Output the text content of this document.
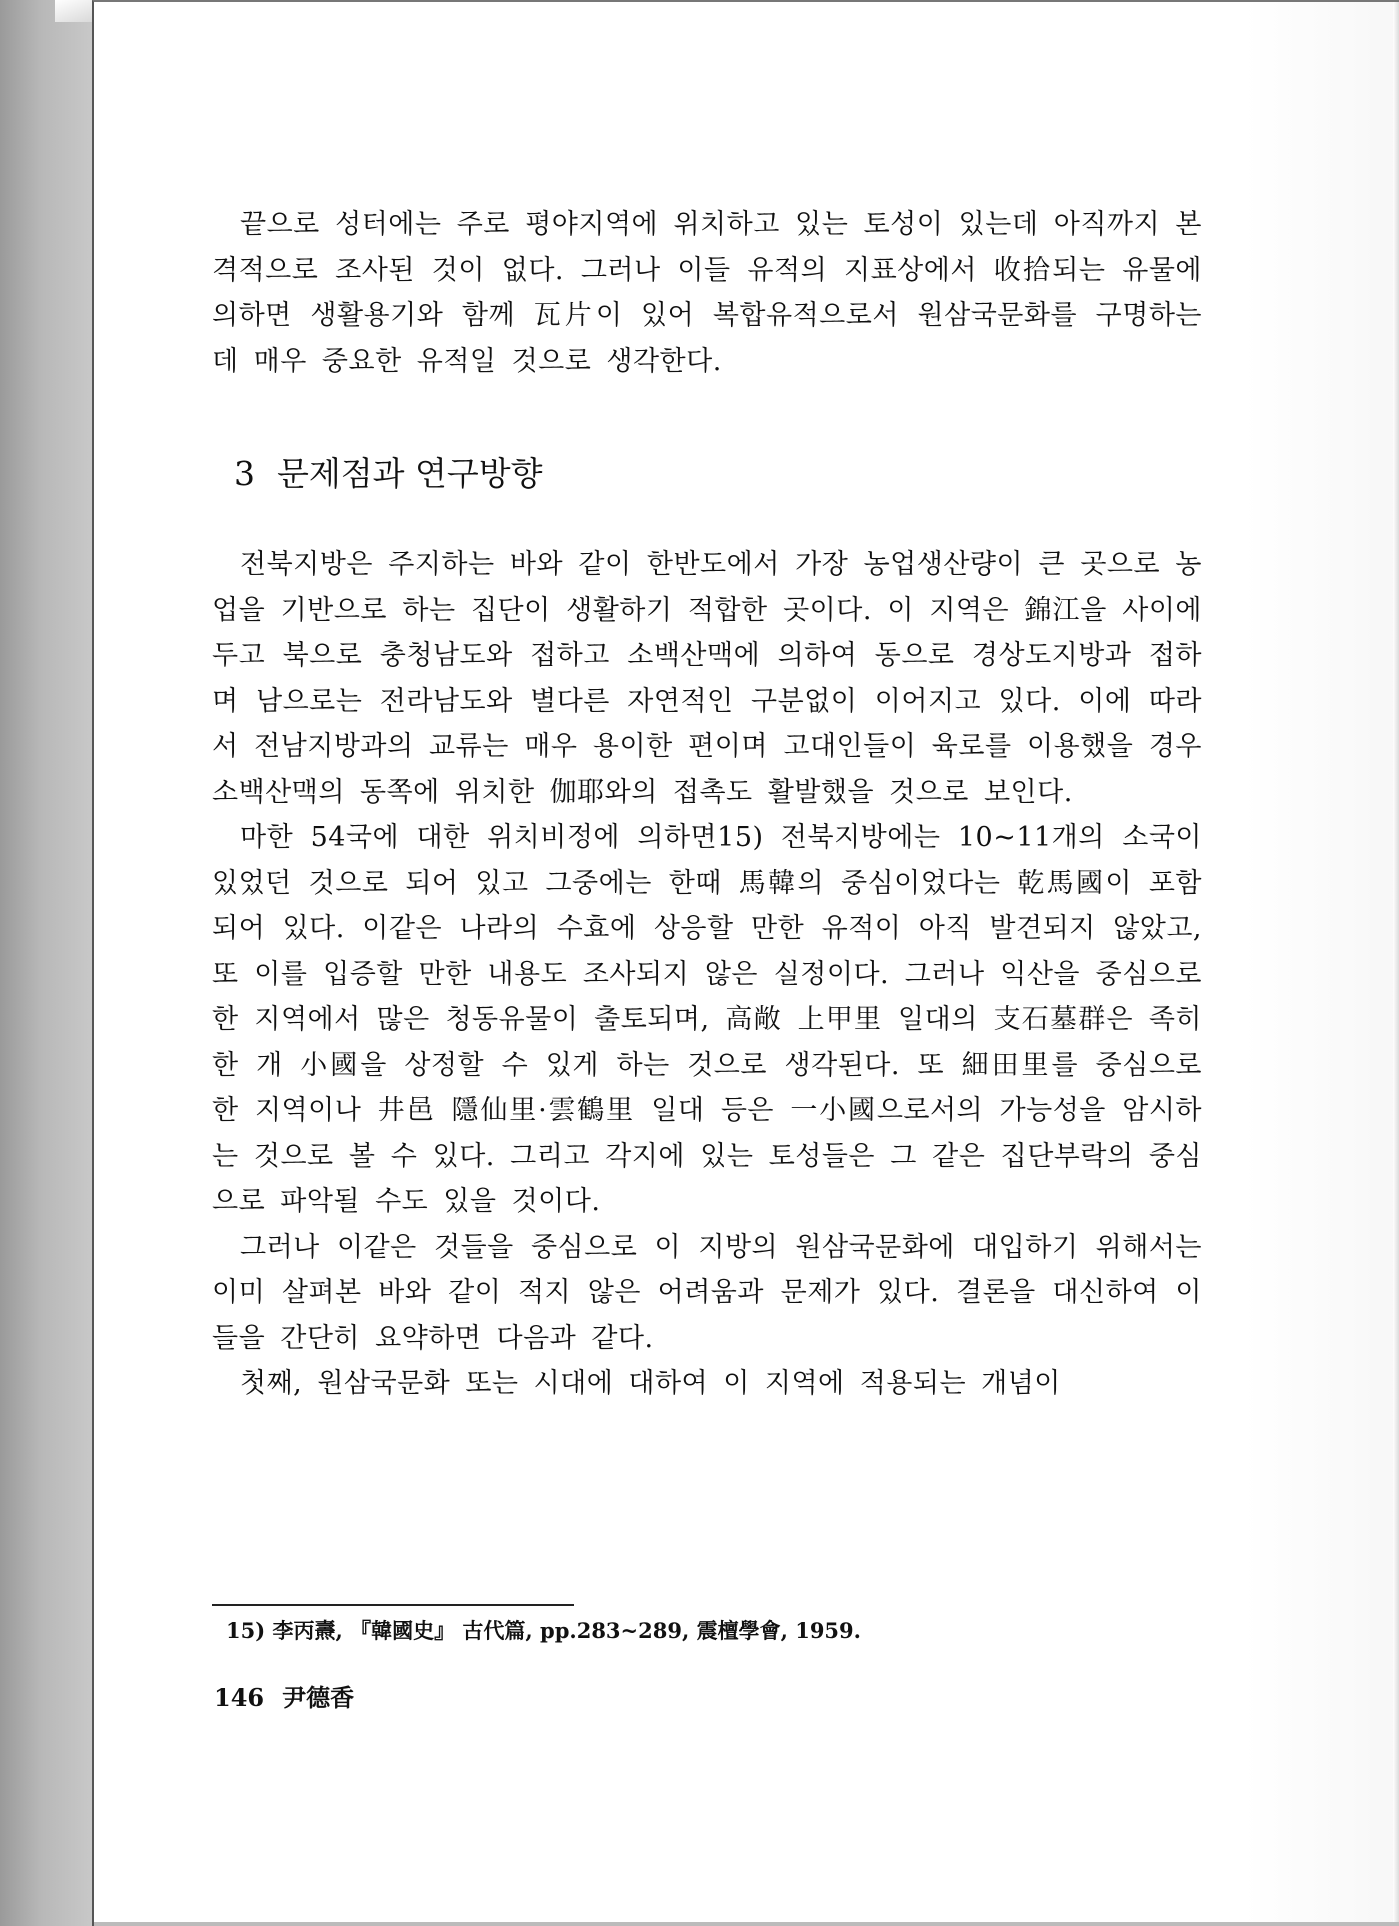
끝으로 성터에는 주로 평야지역에 위치하고 있는 토성이 있는데 아직까지 본격적으로 조사된 것이 없다. 그러나 이들 유적의 지표상에서 收拾되는 유물에 의하면 생활용기와 함께 瓦片이 있어 복합유적으로서 원삼국문화를 구명하는 데 매우 중요한 유적일 것으로 생각한다.

3 문제점과 연구방향

전북지방은 주지하는 바와 같이 한반도에서 가장 농업생산량이 큰 곳으로 농업을 기반으로 하는 집단이 생활하기 적합한 곳이다. 이 지역은 錦江을 사이에 두고 북으로 충청남도와 접하고 소백산맥에 의하여 동으로 경상도지방과 접하며 남으로는 전라남도와 별다른 자연적인 구분없이 이어지고 있다. 이에 따라서 전남지방과의 교류는 매우 용이한 편이며 고대인들이 육로를 이용했을 경우 소백산맥의 동쪽에 위치한 伽耶와의 접촉도 활발했을 것으로 보인다.

마한 54국에 대한 위치비정에 의하면15) 전북지방에는 10~11개의 소국이 있었던 것으로 되어 있고 그중에는 한때 馬韓의 중심이었다는 乾馬國이 포함되어 있다. 이같은 나라의 수효에 상응할 만한 유적이 아직 발견되지 않았고, 또 이를 입증할 만한 내용도 조사되지 않은 실정이다. 그러나 익산을 중심으로 한 지역에서 많은 청동유물이 출토되며, 高敞 上甲里 일대의 支石墓群은 족히 한 개 小國을 상정할 수 있게 하는 것으로 생각된다. 또 細田里를 중심으로 한 지역이나 井邑 隱仙里·雲鶴里 일대 등은 一小國으로서의 가능성을 암시하는 것으로 볼 수 있다. 그리고 각지에 있는 토성들은 그 같은 집단부락의 중심으로 파악될 수도 있을 것이다.

그러나 이같은 것들을 중심으로 이 지방의 원삼국문화에 대입하기 위해서는 이미 살펴본 바와 같이 적지 않은 어려움과 문제가 있다. 결론을 대신하여 이들을 간단히 요약하면 다음과 같다.

첫째, 원삼국문화 또는 시대에 대하여 이 지역에 적용되는 개념이

15) 李丙燾, 『韓國史』 古代篇, pp.283~289, 震檀學會, 1959.

146 尹德香
